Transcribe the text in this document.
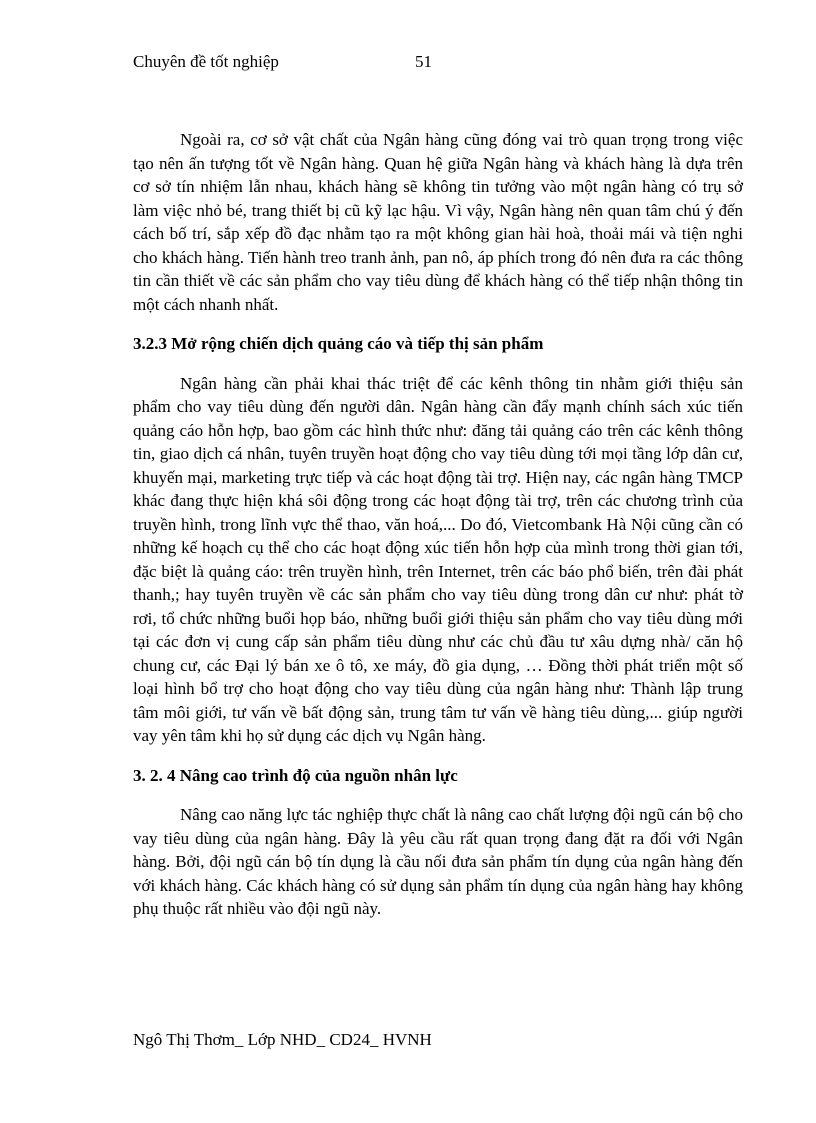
Chuyên đề tốt nghiệp	51

Ngoài ra, cơ sở vật chất của Ngân hàng cũng đóng vai trò quan trọng trong việc tạo nên ấn tượng tốt về Ngân hàng. Quan hệ giữa Ngân hàng và khách hàng là dựa trên cơ sở tín nhiệm lẫn nhau, khách hàng sẽ không tin tưởng vào một ngân hàng có trụ sở làm việc nhỏ bé, trang thiết bị cũ kỹ lạc hậu. Vì vậy, Ngân hàng nên quan tâm chú ý đến cách bố trí, sắp xếp đồ đạc nhằm tạo ra một không gian hài hoà, thoải mái và tiện nghi cho khách hàng. Tiến hành treo tranh ảnh, pan nô, áp phích trong đó nên đưa ra các thông tin cần thiết về các sản phẩm cho vay tiêu dùng để khách hàng có thể tiếp nhận thông tin một cách nhanh nhất.

3.2.3 Mở rộng chiến dịch quảng cáo và tiếp thị sản phẩm

Ngân hàng cần phải khai thác triệt để các kênh thông tin nhằm giới thiệu sản phẩm cho vay tiêu dùng đến người dân. Ngân hàng cần đẩy mạnh chính sách xúc tiến quảng cáo hỗn hợp, bao gồm các hình thức như: đăng tải quảng cáo trên các kênh thông tin, giao dịch cá nhân, tuyên truyền hoạt động cho vay tiêu dùng tới mọi tầng lớp dân cư, khuyến mại, marketing trực tiếp và các hoạt động tài trợ. Hiện nay, các ngân hàng TMCP khác đang thực hiện khá sôi động trong các hoạt động tài trợ, trên các chương trình của truyền hình, trong lĩnh vực thể thao, văn hoá,... Do đó, Vietcombank Hà Nội cũng cần có những kế hoạch cụ thể cho các hoạt động xúc tiến hỗn hợp của mình trong thời gian tới, đặc biệt là quảng cáo: trên truyền hình, trên Internet, trên các báo phổ biến, trên đài phát thanh,; hay tuyên truyền về các sản phẩm cho vay tiêu dùng trong dân cư như: phát tờ rơi, tổ chức những buổi họp báo, những buổi giới thiệu sản phẩm cho vay tiêu dùng mới tại các đơn vị cung cấp sản phẩm tiêu dùng như các chủ đầu tư xâu dựng nhà/ căn hộ chung cư, các Đại lý bán xe ô tô, xe máy, đồ gia dụng, … Đồng thời phát triển một số loại hình bổ trợ cho hoạt động cho vay tiêu dùng của ngân hàng như: Thành lập trung tâm môi giới, tư vấn về bất động sản, trung tâm tư vấn về hàng tiêu dùng,... giúp người vay yên tâm khi họ sử dụng các dịch vụ Ngân hàng.

3. 2. 4 Nâng cao trình độ của nguồn nhân lực

Nâng cao năng lực tác nghiệp thực chất là nâng cao chất lượng đội ngũ cán bộ cho vay tiêu dùng của ngân hàng. Đây là yêu cầu rất quan trọng đang đặt ra đối với Ngân hàng. Bởi, đội ngũ cán bộ tín dụng là cầu nối đưa sản phẩm tín dụng của ngân hàng đến với khách hàng. Các khách hàng có sử dụng sản phẩm tín dụng của ngân hàng hay không phụ thuộc rất nhiều vào đội ngũ này.

Ngô Thị Thơm_ Lớp NHD_ CD24_ HVNH
